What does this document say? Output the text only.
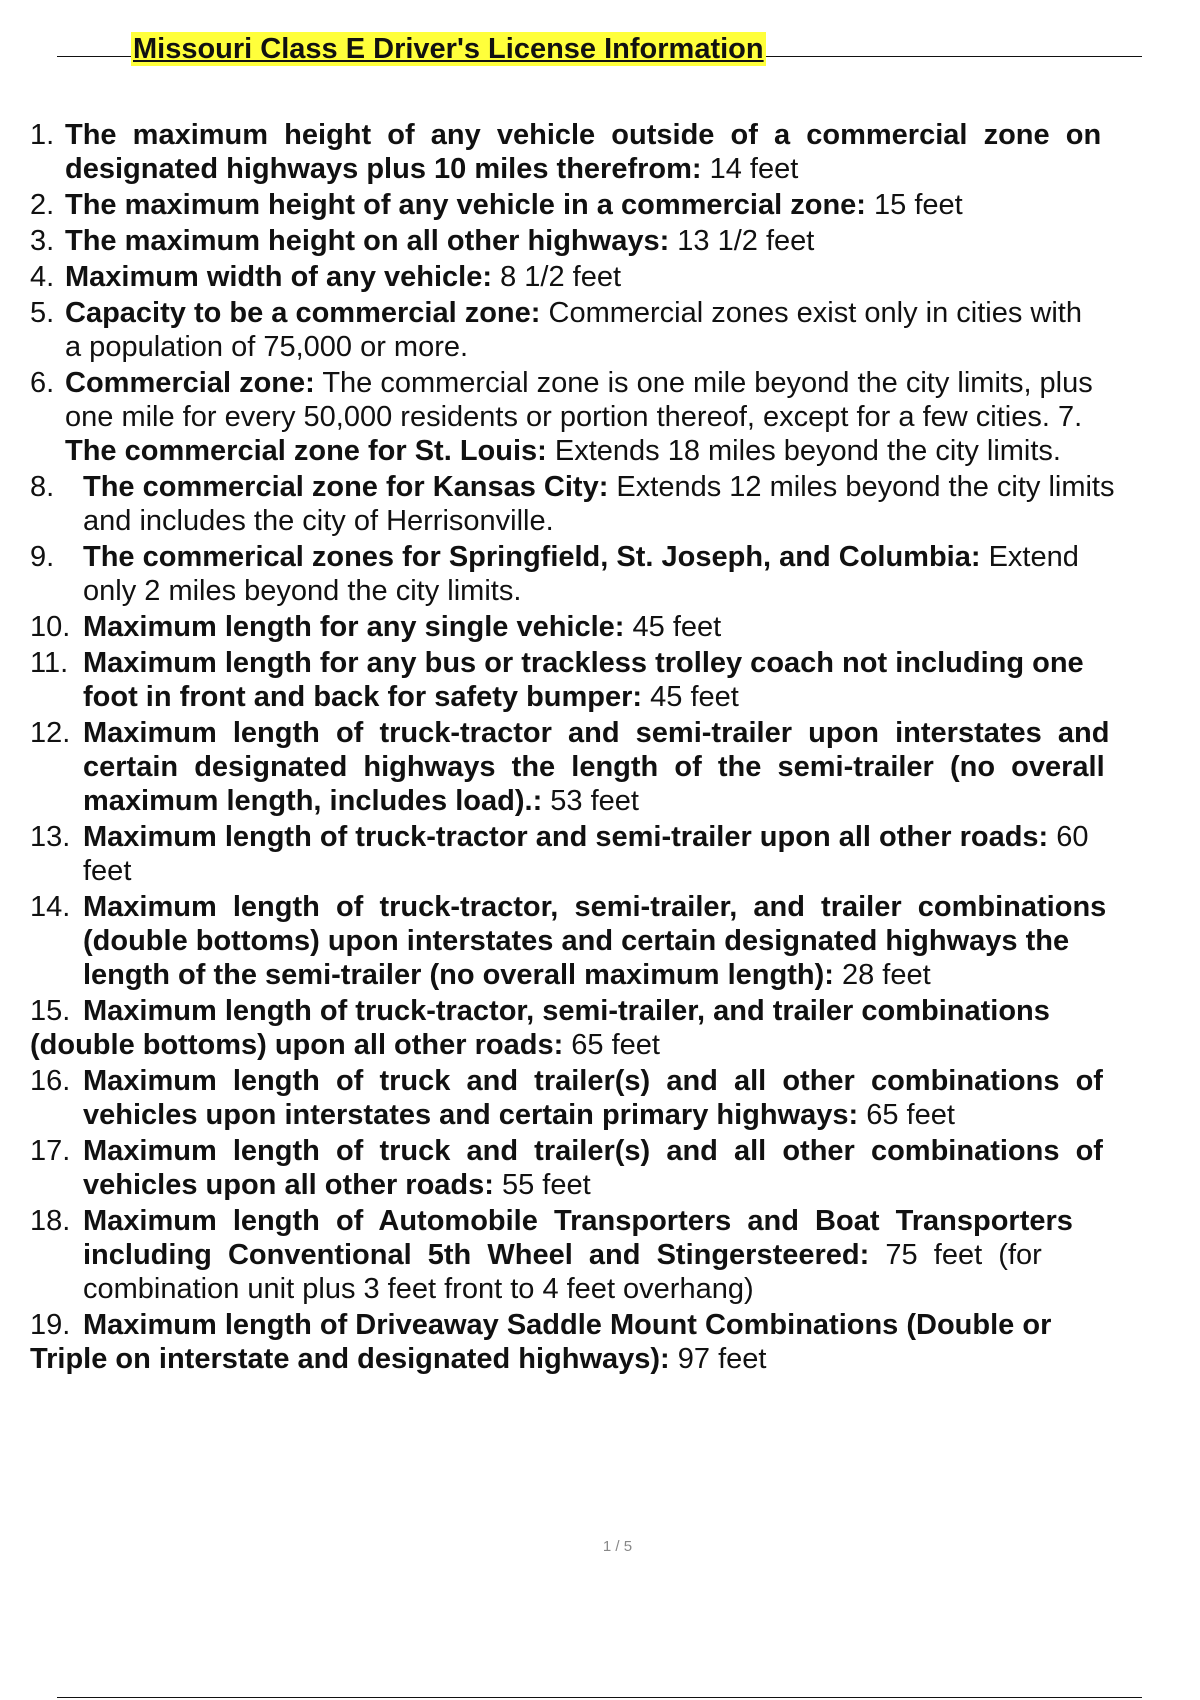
Missouri Class E Driver's License Information
1. The  maximum  height  of  any  vehicle  outside  of  a  commercial  zone  on
designated highways plus 10 miles therefrom: 14 feet
2. The maximum height of any vehicle in a commercial zone: 15 feet
3. The maximum height on all other highways: 13 1/2 feet
4. Maximum width of any vehicle: 8 1/2 feet
5. Capacity to be a commercial zone: Commercial zones exist only in cities with
a population of 75,000 or more.
6. Commercial zone: The commercial zone is one mile beyond the city limits, plus
one mile for every 50,000 residents or portion thereof, except for a few cities. 7.
The commercial zone for St. Louis: Extends 18 miles beyond the city limits.
8. The commercial zone for Kansas City: Extends 12 miles beyond the city limits
and includes the city of Herrisonville.
9. The commerical zones for Springfield, St. Joseph, and Columbia: Extend
only 2 miles beyond the city limits.
10. Maximum length for any single vehicle: 45 feet
11. Maximum length for any bus or trackless trolley coach not including one
foot in front and back for safety bumper: 45 feet
12. Maximum  length  of  truck-tractor  and  semi-trailer  upon  interstates  and
certain  designated  highways  the  length  of  the  semi-trailer  (no  overall
maximum length, includes load).: 53 feet
13. Maximum length of truck-tractor and semi-trailer upon all other roads: 60
feet
14. Maximum  length  of  truck-tractor,  semi-trailer,  and  trailer  combinations
(double bottoms) upon interstates and certain designated highways the
length of the semi-trailer (no overall maximum length): 28 feet
15. Maximum length of truck-tractor, semi-trailer, and trailer combinations
(double bottoms) upon all other roads: 65 feet
16. Maximum  length  of  truck  and  trailer(s)  and  all  other  combinations  of
vehicles upon interstates and certain primary highways: 65 feet
17. Maximum  length  of  truck  and  trailer(s)  and  all  other  combinations  of
vehicles upon all other roads: 55 feet
18. Maximum  length  of  Automobile  Transporters  and  Boat  Transporters
including  Conventional  5th  Wheel  and  Stingersteered:  75  feet  (for
combination unit plus 3 feet front to 4 feet overhang)
19. Maximum length of Driveaway Saddle Mount Combinations (Double or
Triple on interstate and designated highways): 97 feet
1 / 5
